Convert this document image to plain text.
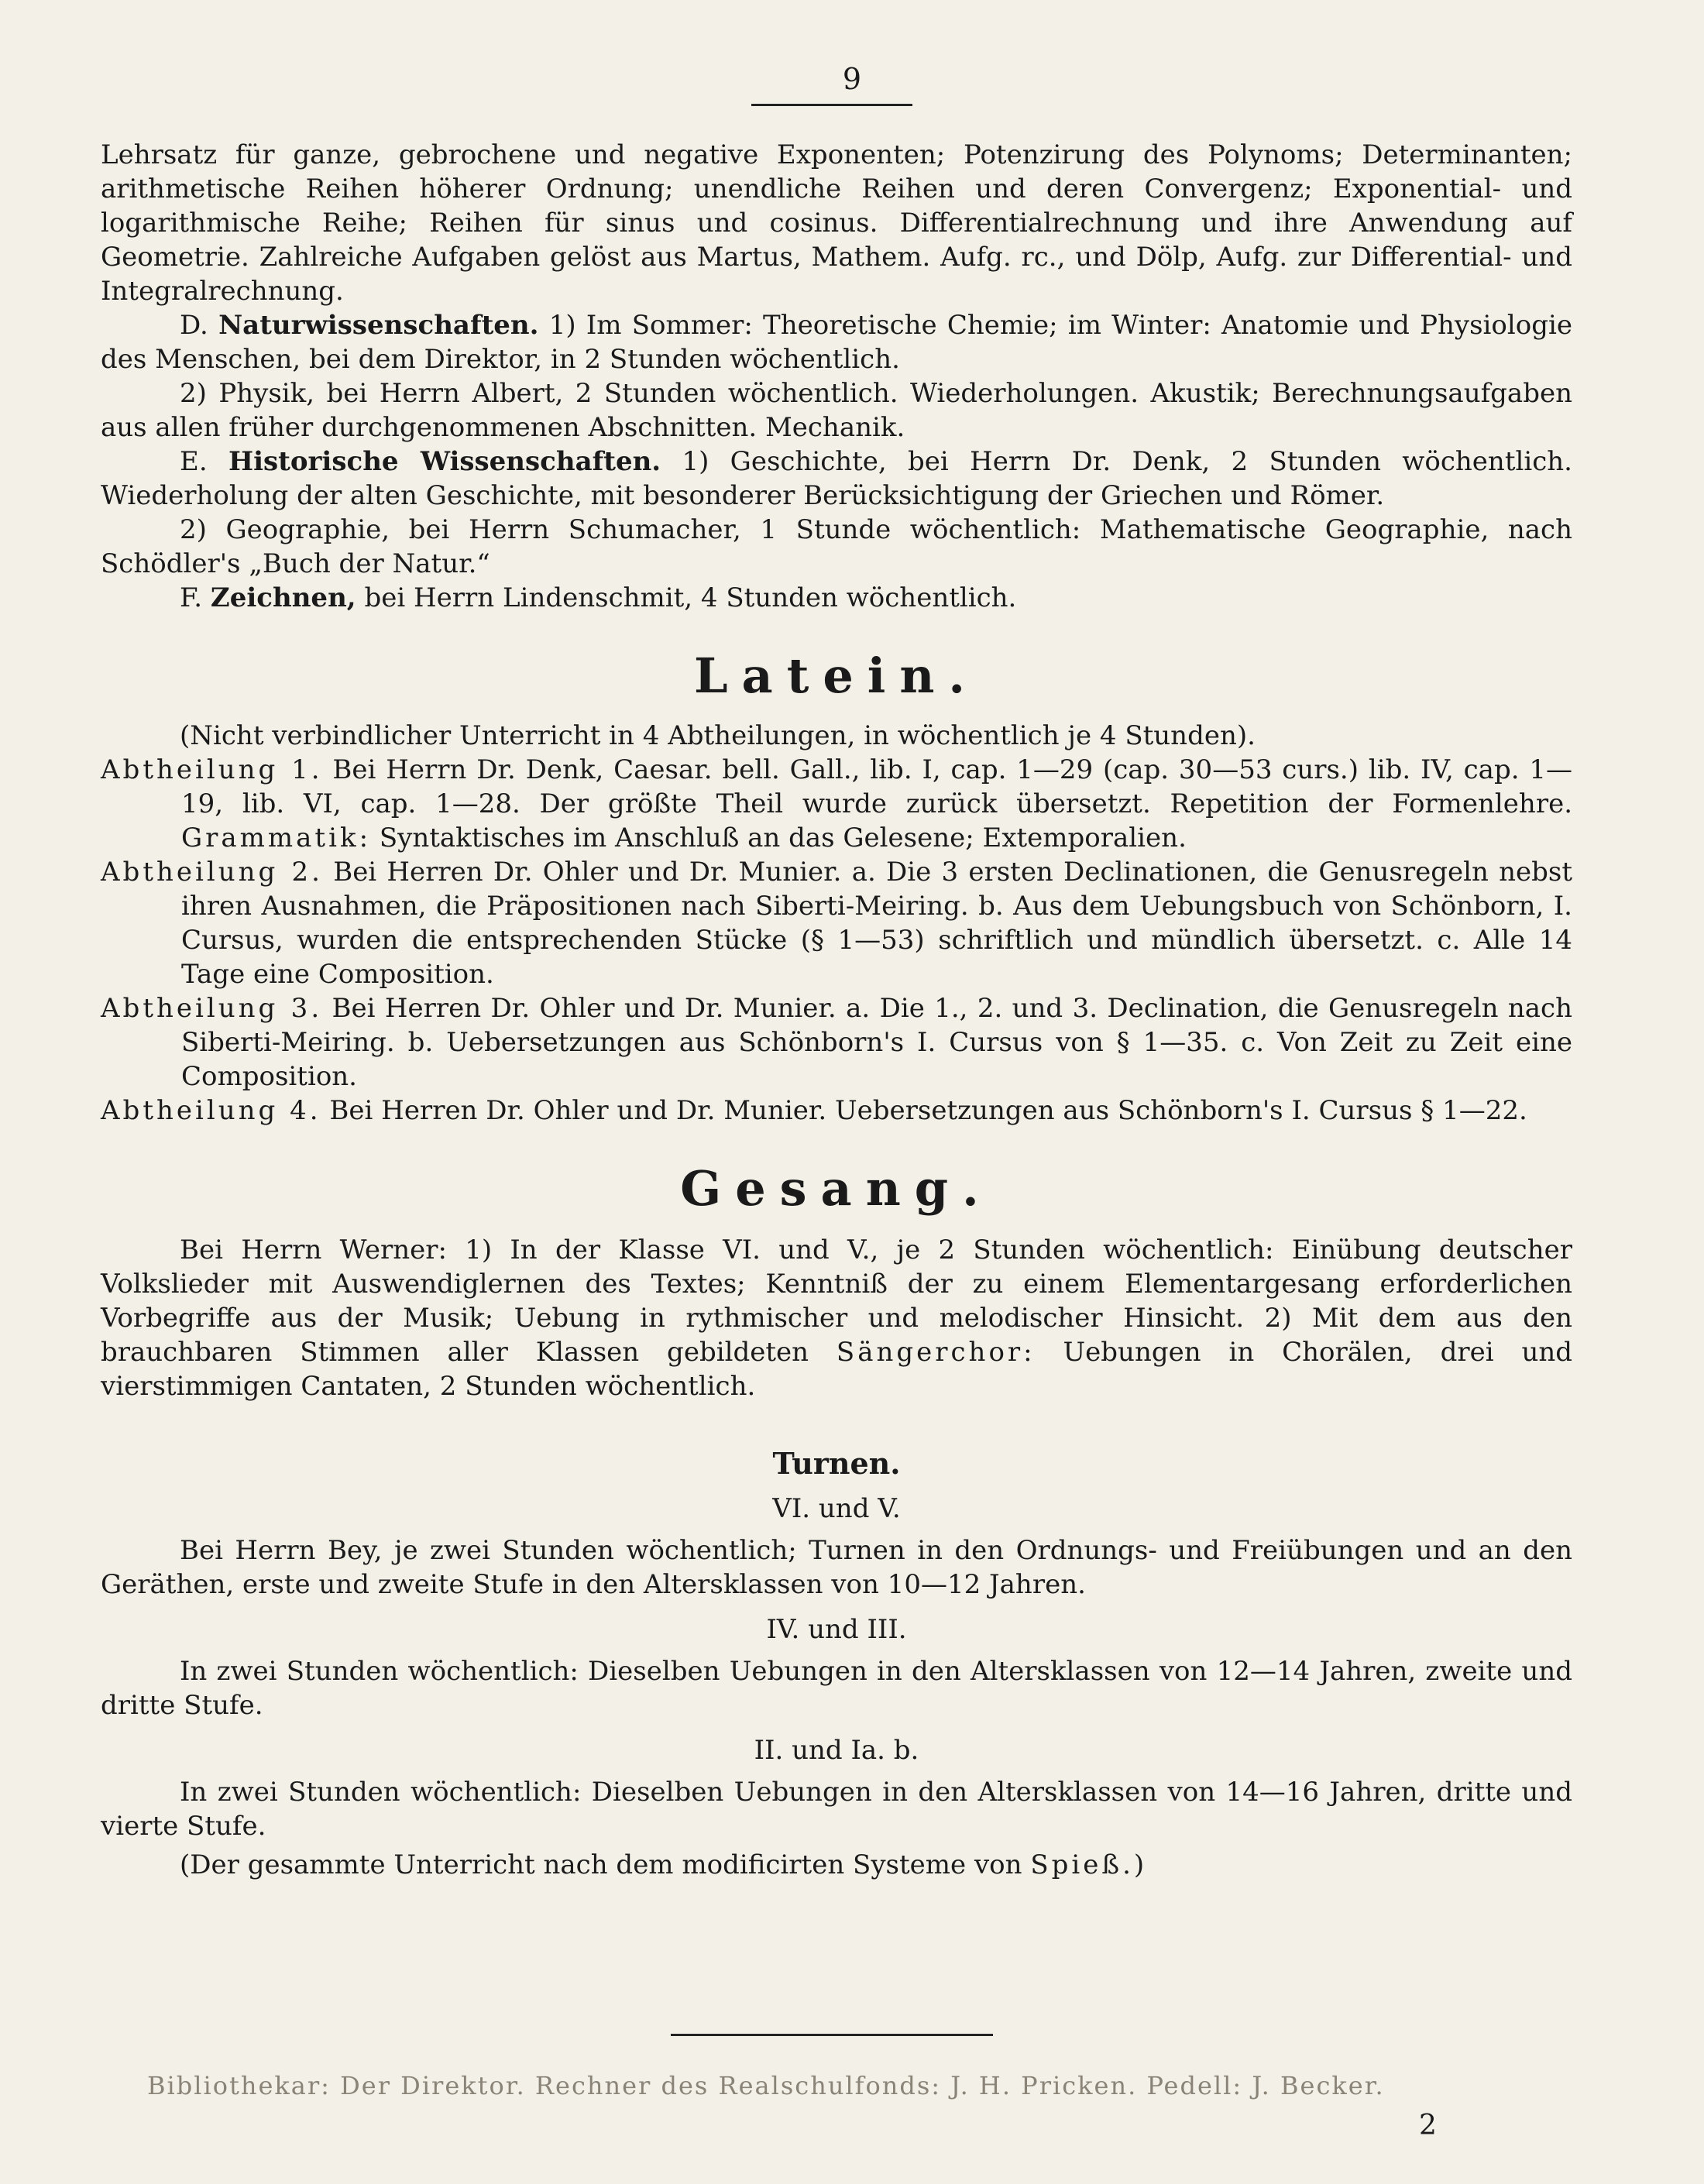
9

Lehrsatz für ganze, gebrochene und negative Exponenten; Potenzirung des Polynoms; Determinanten; arithmetische Reihen höherer Ordnung; unendliche Reihen und deren Convergenz; Exponential- und logarithmische Reihe; Reihen für sinus und cosinus. Differentialrechnung und ihre Anwendung auf Geometrie. Zahlreiche Aufgaben gelöst aus Martus, Mathem. Aufg. rc., und Dölp, Aufg. zur Differential- und Integralrechnung.

D. Naturwissenschaften. 1) Im Sommer: Theoretische Chemie; im Winter: Anatomie und Physiologie des Menschen, bei dem Direktor, in 2 Stunden wöchentlich.

2) Physik, bei Herrn Albert, 2 Stunden wöchentlich. Wiederholungen. Akustik; Berechnungsaufgaben aus allen früher durchgenommenen Abschnitten. Mechanik.

E. Historische Wissenschaften. 1) Geschichte, bei Herrn Dr. Denk, 2 Stunden wöchentlich. Wiederholung der alten Geschichte, mit besonderer Berücksichtigung der Griechen und Römer.

2) Geographie, bei Herrn Schumacher, 1 Stunde wöchentlich: Mathematische Geographie, nach Schödler's „Buch der Natur.“

F. Zeichnen, bei Herrn Lindenschmit, 4 Stunden wöchentlich.

Latein.

(Nicht verbindlicher Unterricht in 4 Abtheilungen, in wöchentlich je 4 Stunden).

Abtheilung 1. Bei Herrn Dr. Denk, Caesar. bell. Gall., lib. I, cap. 1—29 (cap. 30—53 curs.) lib. IV, cap. 1—19, lib. VI, cap. 1—28. Der größte Theil wurde zurück übersetzt. Repetition der Formenlehre. Grammatik: Syntaktisches im Anschluß an das Gelesene; Extemporalien.

Abtheilung 2. Bei Herren Dr. Ohler und Dr. Munier. a. Die 3 ersten Declinationen, die Genusregeln nebst ihren Ausnahmen, die Präpositionen nach Siberti-Meiring. b. Aus dem Uebungsbuch von Schönborn, I. Cursus, wurden die entsprechenden Stücke (§ 1—53) schriftlich und mündlich übersetzt. c. Alle 14 Tage eine Composition.

Abtheilung 3. Bei Herren Dr. Ohler und Dr. Munier. a. Die 1., 2. und 3. Declination, die Genusregeln nach Siberti-Meiring. b. Uebersetzungen aus Schönborn's I. Cursus von § 1—35. c. Von Zeit zu Zeit eine Composition.

Abtheilung 4. Bei Herren Dr. Ohler und Dr. Munier. Uebersetzungen aus Schönborn's I. Cursus § 1—22.

Gesang.

Bei Herrn Werner: 1) In der Klasse VI. und V., je 2 Stunden wöchentlich: Einübung deutscher Volkslieder mit Auswendiglernen des Textes; Kenntniß der zu einem Elementargesang erforderlichen Vorbegriffe aus der Musik; Uebung in rythmischer und melodischer Hinsicht. 2) Mit dem aus den brauchbaren Stimmen aller Klassen gebildeten Sängerchor: Uebungen in Chorälen, drei und vierstimmigen Cantaten, 2 Stunden wöchentlich.

Turnen.
VI. und V.

Bei Herrn Bey, je zwei Stunden wöchentlich; Turnen in den Ordnungs- und Freiübungen und an den Geräthen, erste und zweite Stufe in den Altersklassen von 10—12 Jahren.

IV. und III.

In zwei Stunden wöchentlich: Dieselben Uebungen in den Altersklassen von 12—14 Jahren, zweite und dritte Stufe.

II. und Ia. b.

In zwei Stunden wöchentlich: Dieselben Uebungen in den Altersklassen von 14—16 Jahren, dritte und vierte Stufe.

(Der gesammte Unterricht nach dem modificirten Systeme von Spieß.)

Bibliothekar: Der Direktor. Rechner des Realschulfonds: J. H. Pricken. Pedell: J. Becker.
2
